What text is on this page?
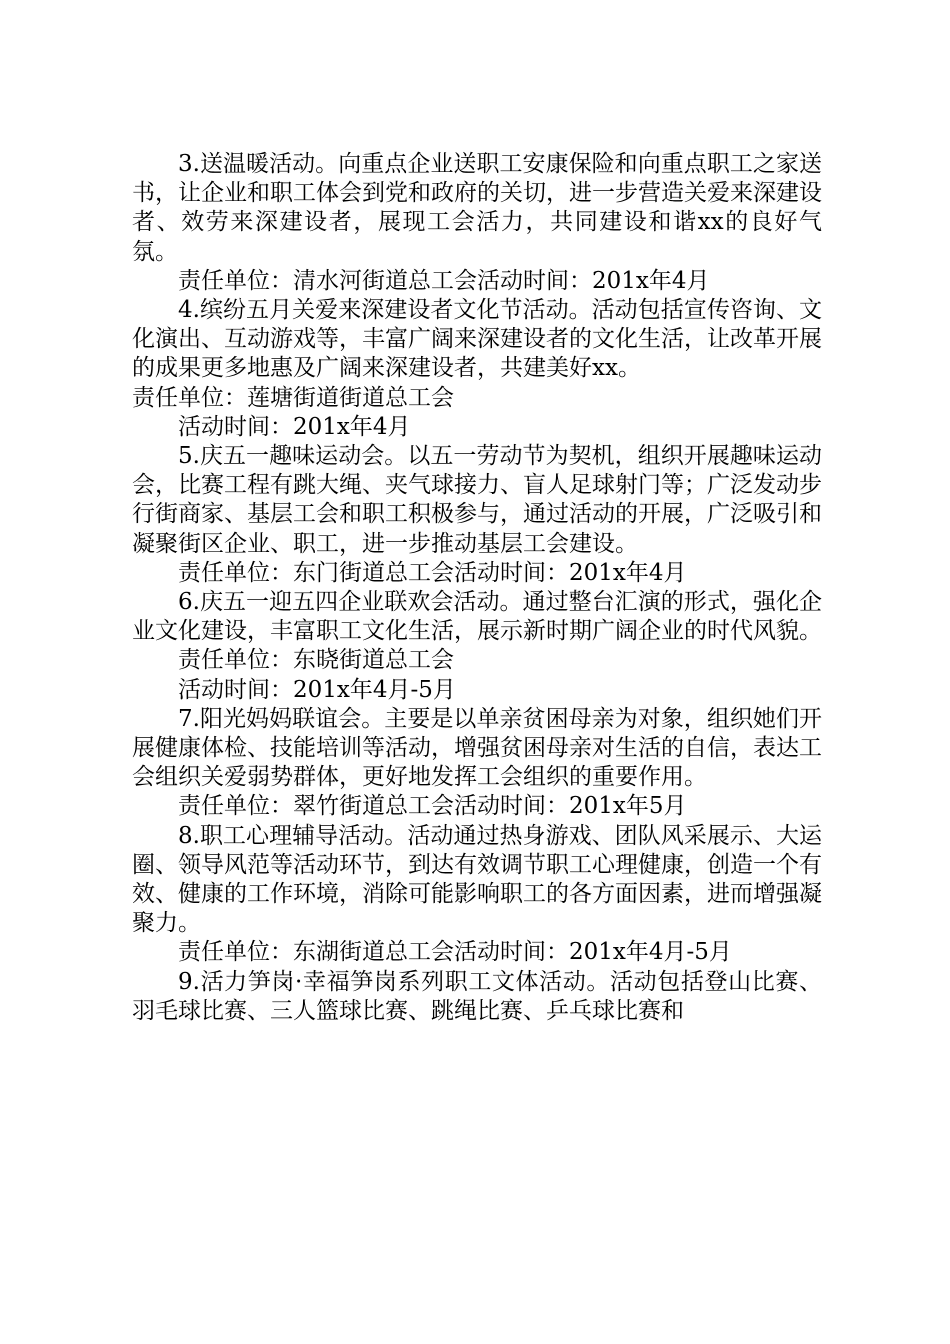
3.送温暖活动。向重点企业送职工安康保险和向重点职工之家送书，让企业和职工体会到党和政府的关切，进一步营造关爱来深建设者、效劳来深建设者，展现工会活力，共同建设和谐xx的良好气氛。

责任单位：清水河街道总工会活动时间：201x年4月

4.缤纷五月关爱来深建设者文化节活动。活动包括宣传咨询、文化演出、互动游戏等，丰富广阔来深建设者的文化生活，让改革开展的成果更多地惠及广阔来深建设者，共建美好xx。

责任单位：莲塘街道街道总工会

活动时间：201x年4月

5.庆五一趣味运动会。以五一劳动节为契机，组织开展趣味运动会，比赛工程有跳大绳、夹气球接力、盲人足球射门等；广泛发动步行街商家、基层工会和职工积极参与，通过活动的开展，广泛吸引和凝聚街区企业、职工，进一步推动基层工会建设。

责任单位：东门街道总工会活动时间：201x年4月

6.庆五一迎五四企业联欢会活动。通过整台汇演的形式，强化企业文化建设，丰富职工文化生活，展示新时期广阔企业的时代风貌。

责任单位：东晓街道总工会

活动时间：201x年4月-5月

7.阳光妈妈联谊会。主要是以单亲贫困母亲为对象，组织她们开展健康体检、技能培训等活动，增强贫困母亲对生活的自信，表达工会组织关爱弱势群体，更好地发挥工会组织的重要作用。

责任单位：翠竹街道总工会活动时间：201x年5月

8.职工心理辅导活动。活动通过热身游戏、团队风采展示、大运圈、领导风范等活动环节，到达有效调节职工心理健康，创造一个有效、健康的工作环境，消除可能影响职工的各方面因素，进而增强凝聚力。

责任单位：东湖街道总工会活动时间：201x年4月-5月

9.活力笋岗·幸福笋岗系列职工文体活动。活动包括登山比赛、羽毛球比赛、三人篮球比赛、跳绳比赛、乒乓球比赛和
